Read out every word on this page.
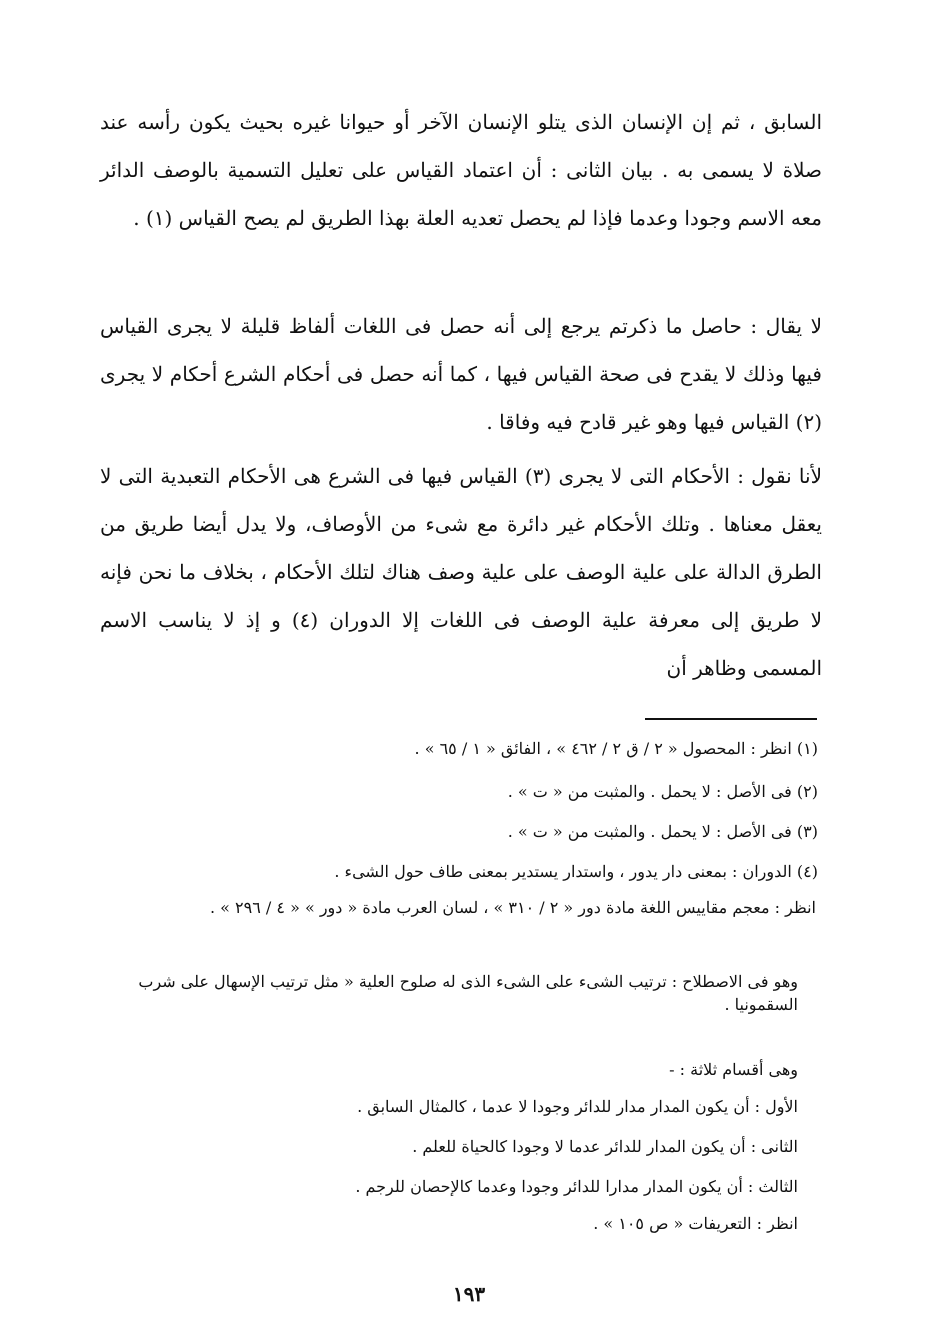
السابق ، ثم إن الإنسان الذى يتلو الإنسان الآخر أو حيوانا غيره بحيث يكون رأسه عند صلاة لا يسمى به . بيان الثانى : أن اعتماد القياس على تعليل التسمية بالوصف الدائر معه الاسم وجودا وعدما فإذا لم يحصل تعديه العلة بهذا الطريق لم يصح القياس (١) .

لا يقال : حاصل ما ذكرتم يرجع إلى أنه حصل فى اللغات ألفاظ قليلة لا يجرى القياس فيها وذلك لا يقدح فى صحة القياس فيها ، كما أنه حصل فى أحكام الشرع أحكام لا يجرى (٢) القياس فيها وهو غير قادح فيه وفاقا .

لأنا نقول : الأحكام التى لا يجرى (٣) القياس فيها فى الشرع هى الأحكام التعبدية التى لا يعقل معناها . وتلك الأحكام غير دائرة مع شىء من الأوصاف، ولا يدل أيضا طريق من الطرق الدالة على علية الوصف على علية وصف هناك لتلك الأحكام ، بخلاف ما نحن فإنه لا طريق إلى معرفة علية الوصف فى اللغات إلا الدوران (٤) و إذ لا يناسب الاسم المسمى وظاهر أن

(١) انظر : المحصول « ٢ / ق ٢ / ٤٦٢ » ، الفائق « ١ / ٦٥ » .

(٢) فى الأصل : لا يحمل . والمثبت من « ت » .

(٣) فى الأصل : لا يحمل . والمثبت من « ت » .

(٤) الدوران : بمعنى دار يدور ، واستدار يستدير بمعنى طاف حول الشىء .

انظر : معجم مقاييس اللغة مادة دور « ٢ / ٣١٠ » ، لسان العرب مادة « دور » « ٤ / ٢٩٦ » .

وهو فى الاصطلاح : ترتيب الشىء على الشىء الذى له صلوح العلية « مثل ترتيب الإسهال على شرب السقمونيا .

وهى أقسام ثلاثة : -

الأول : أن يكون المدار مدار للدائر وجودا لا عدما ، كالمثال السابق .

الثانى : أن يكون المدار للدائر عدما لا وجودا كالحياة للعلم .

الثالث : أن يكون المدار مدارا للدائر وجودا وعدما كالإحصان للرجم .

انظر : التعريفات « ص ١٠٥ » .

١٩٣
